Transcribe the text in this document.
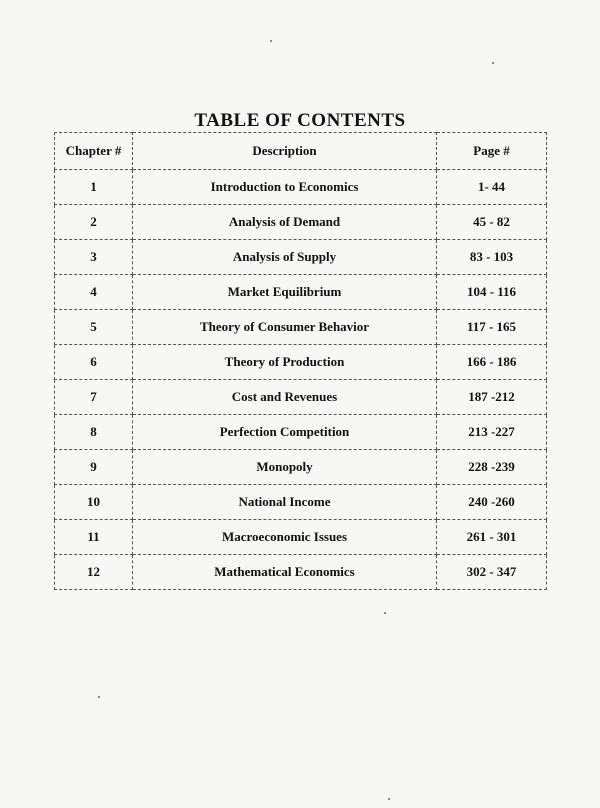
TABLE OF CONTENTS
Chapter #	Description	Page #
1	Introduction to Economics	1- 44
2	Analysis of Demand	45 - 82
3	Analysis of Supply	83 - 103
4	Market Equilibrium	104 - 116
5	Theory of Consumer Behavior	117 - 165
6	Theory of Production	166 - 186
7	Cost and Revenues	187 -212
8	Perfection Competition	213 -227
9	Monopoly	228 -239
10	National Income	240 -260
11	Macroeconomic Issues	261 - 301
12	Mathematical Economics	302 - 347
